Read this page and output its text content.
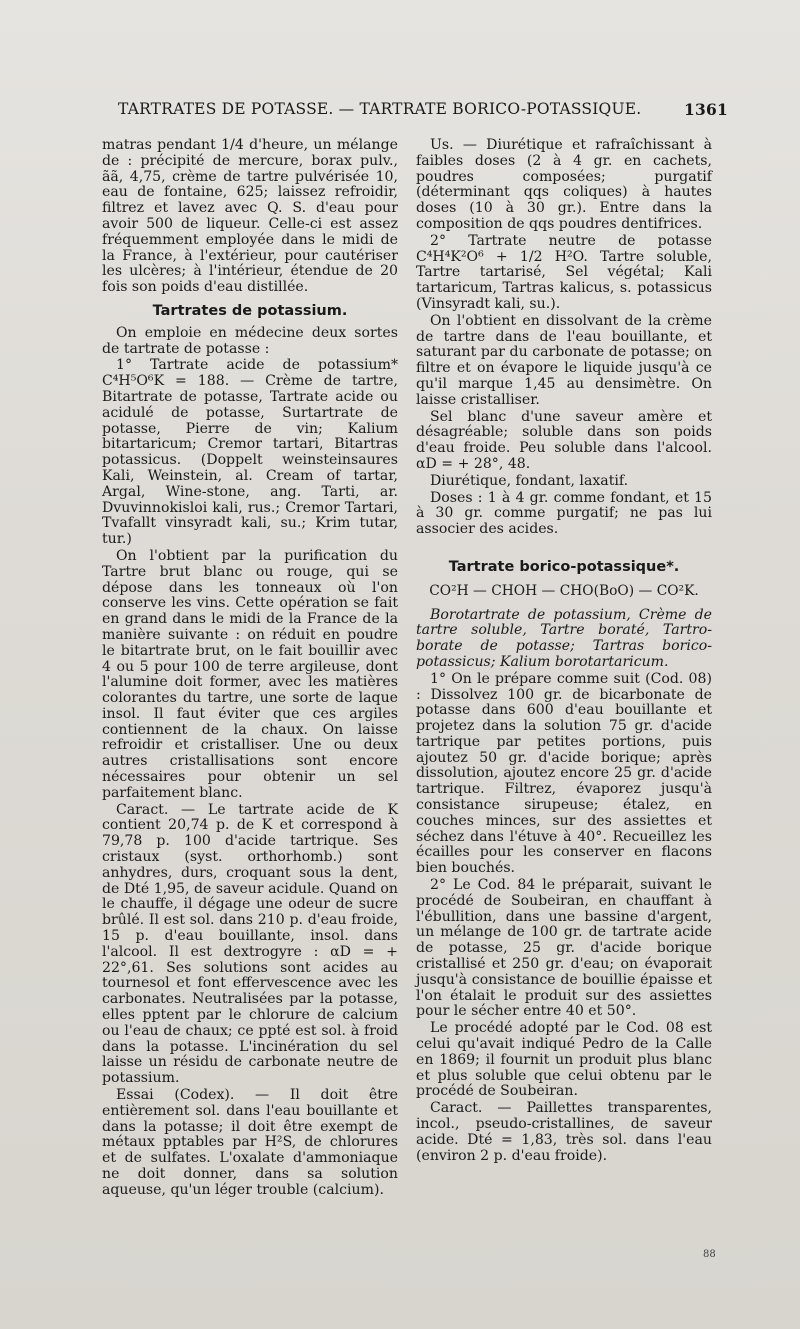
TARTRATES DE POTASSE. — TARTRATE BORICO-POTASSIQUE.	1361

matras pendant 1/4 d'heure, un mélange de : précipité de mercure, borax pulv., ãã, 4,75, crème de tartre pulvérisée 10, eau de fontaine, 625; laissez refroidir, filtrez et lavez avec Q. S. d'eau pour avoir 500 de liqueur. Celle-ci est assez fréquemment employée dans le midi de la France, à l'extérieur, pour cautériser les ulcères; à l'intérieur, étendue de 20 fois son poids d'eau distillée.

Tartrates de potassium.

On emploie en médecine deux sortes de tartrate de potasse :

1° Tartrate acide de potassium* C⁴H⁵O⁶K = 188. — Crème de tartre, Bitartrate de potasse, Tartrate acide ou acidulé de potasse, Surtartrate de potasse, Pierre de vin; Kalium bitartaricum; Cremor tartari, Bitartras potassicus. (Doppelt weinsteinsaures Kali, Weinstein, al. Cream of tartar, Argal, Wine-stone, ang. Tarti, ar. Dvuvinnokisloi kali, rus.; Cremor Tartari, Tvafallt vinsyradt kali, su.; Krim tutar, tur.)

On l'obtient par la purification du Tartre brut blanc ou rouge, qui se dépose dans les tonneaux où l'on conserve les vins. Cette opération se fait en grand dans le midi de la France de la manière suivante : on réduit en poudre le bitartrate brut, on le fait bouillir avec 4 ou 5 pour 100 de terre argileuse, dont l'alumine doit former, avec les matières colorantes du tartre, une sorte de laque insol. Il faut éviter que ces argiles contiennent de la chaux. On laisse refroidir et cristalliser. Une ou deux autres cristallisations sont encore nécessaires pour obtenir un sel parfaitement blanc.

Caract. — Le tartrate acide de K contient 20,74 p. de K et correspond à 79,78 p. 100 d'acide tartrique. Ses cristaux (syst. orthorhomb.) sont anhydres, durs, croquant sous la dent, de Dté 1,95, de saveur acidule. Quand on le chauffe, il dégage une odeur de sucre brûlé. Il est sol. dans 210 p. d'eau froide, 15 p. d'eau bouillante, insol. dans l'alcool. Il est dextrogyre : αD = + 22°,61. Ses solutions sont acides au tournesol et font effervescence avec les carbonates. Neutralisées par la potasse, elles pptent par le chlorure de calcium ou l'eau de chaux; ce ppté est sol. à froid dans la potasse. L'incinération du sel laisse un résidu de carbonate neutre de potassium.

Essai (Codex). — Il doit être entièrement sol. dans l'eau bouillante et dans la potasse; il doit être exempt de métaux pptables par H²S, de chlorures et de sulfates. L'oxalate d'ammoniaque ne doit donner, dans sa solution aqueuse, qu'un léger trouble (calcium).

Us. — Diurétique et rafraîchissant à faibles doses (2 à 4 gr. en cachets, poudres composées; purgatif (déterminant qqs coliques) à hautes doses (10 à 30 gr.). Entre dans la composition de qqs poudres dentifrices.

2° Tartrate neutre de potasse C⁴H⁴K²O⁶ + 1/2 H²O. Tartre soluble, Tartre tartarisé, Sel végétal; Kali tartaricum, Tartras kalicus, s. potassicus (Vinsyradt kali, su.).

On l'obtient en dissolvant de la crème de tartre dans de l'eau bouillante, et saturant par du carbonate de potasse; on filtre et on évapore le liquide jusqu'à ce qu'il marque 1,45 au densimètre. On laisse cristalliser.

Sel blanc d'une saveur amère et désagréable; soluble dans son poids d'eau froide. Peu soluble dans l'alcool. αD = + 28°, 48.

Diurétique, fondant, laxatif.

Doses : 1 à 4 gr. comme fondant, et 15 à 30 gr. comme purgatif; ne pas lui associer des acides.

Tartrate borico-potassique*.
CO²H — CHOH — CHO(BoO) — CO²K.

Borotartrate de potassium, Crème de tartre soluble, Tartre boraté, Tartro-borate de potasse; Tartras borico-potassicus; Kalium borotartaricum.

1° On le prépare comme suit (Cod. 08) : Dissolvez 100 gr. de bicarbonate de potasse dans 600 d'eau bouillante et projetez dans la solution 75 gr. d'acide tartrique par petites portions, puis ajoutez 50 gr. d'acide borique; après dissolution, ajoutez encore 25 gr. d'acide tartrique. Filtrez, évaporez jusqu'à consistance sirupeuse; étalez, en couches minces, sur des assiettes et séchez dans l'étuve à 40°. Recueillez les écailles pour les conserver en flacons bien bouchés.

2° Le Cod. 84 le préparait, suivant le procédé de Soubeiran, en chauffant à l'ébullition, dans une bassine d'argent, un mélange de 100 gr. de tartrate acide de potasse, 25 gr. d'acide borique cristallisé et 250 gr. d'eau; on évaporait jusqu'à consistance de bouillie épaisse et l'on étalait le produit sur des assiettes pour le sécher entre 40 et 50°.

Le procédé adopté par le Cod. 08 est celui qu'avait indiqué Pedro de la Calle en 1869; il fournit un produit plus blanc et plus soluble que celui obtenu par le procédé de Soubeiran.

Caract. — Paillettes transparentes, incol., pseudo-cristallines, de saveur acide. Dté = 1,83, très sol. dans l'eau (environ 2 p. d'eau froide).

88
